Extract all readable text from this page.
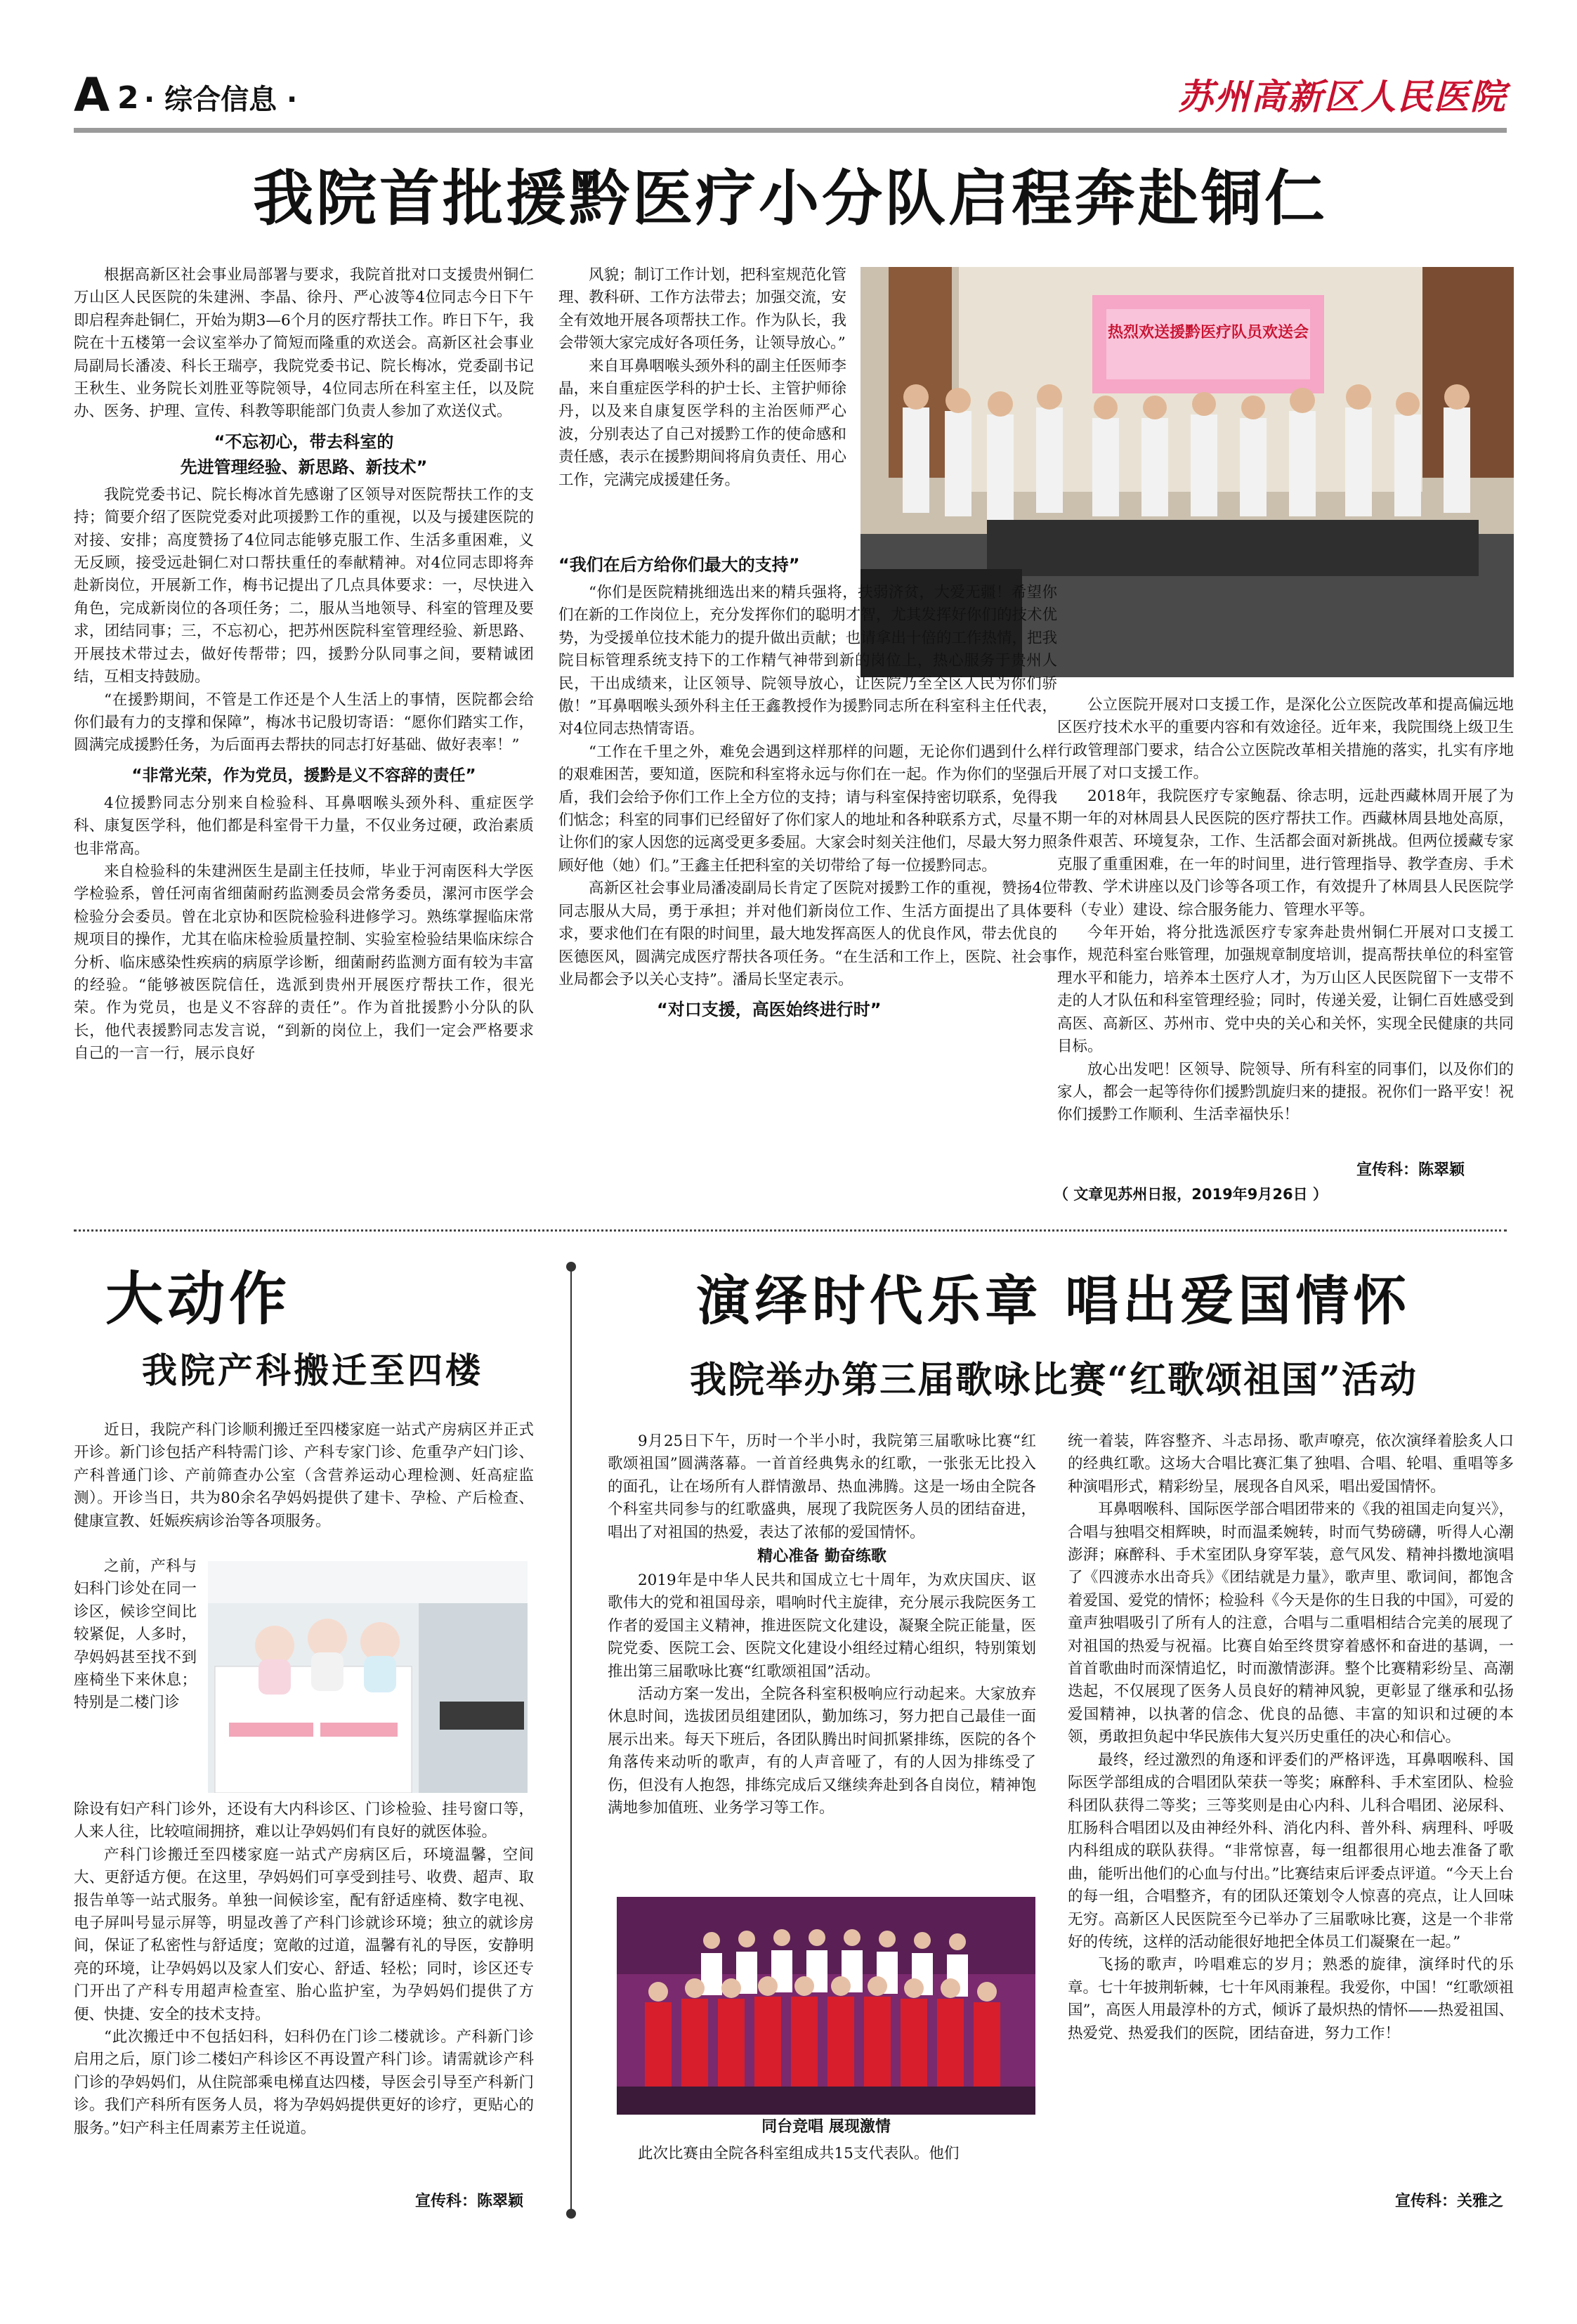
A 2 · 综合信息 ·	苏州高新区人民医院
我院首批援黔医疗小分队启程奔赴铜仁

根据高新区社会事业局部署与要求，我院首批对口支援贵州铜仁万山区人民医院的朱建洲、李晶、徐丹、严心波等4位同志今日下午即启程奔赴铜仁，开始为期3—6个月的医疗帮扶工作。昨日下午，我院在十五楼第一会议室举办了简短而隆重的欢送会。高新区社会事业局副局长潘凌、科长王瑞亭，我院党委书记、院长梅冰，党委副书记王秋生、业务院长刘胜亚等院领导，4位同志所在科室主任，以及院办、医务、护理、宣传、科教等职能部门负责人参加了欢送仪式。

“不忘初心，带去科室的
先进管理经验、新思路、新技术”

我院党委书记、院长梅冰首先感谢了区领导对医院帮扶工作的支持；简要介绍了医院党委对此项援黔工作的重视，以及与援建医院的对接、安排；高度赞扬了4位同志能够克服工作、生活多重困难，义无反顾，接受远赴铜仁对口帮扶重任的奉献精神。对4位同志即将奔赴新岗位，开展新工作，梅书记提出了几点具体要求：一，尽快进入角色，完成新岗位的各项任务；二，服从当地领导、科室的管理及要求，团结同事；三，不忘初心，把苏州医院科室管理经验、新思路、开展技术带过去，做好传帮带；四，援黔分队同事之间，要精诚团结，互相支持鼓励。

“在援黔期间，不管是工作还是个人生活上的事情，医院都会给你们最有力的支撑和保障”，梅冰书记殷切寄语：“愿你们踏实工作，圆满完成援黔任务，为后面再去帮扶的同志打好基础、做好表率！”

“非常光荣，作为党员，援黔是义不容辞的责任”

4位援黔同志分别来自检验科、耳鼻咽喉头颈外科、重症医学科、康复医学科，他们都是科室骨干力量，不仅业务过硬，政治素质也非常高。

来自检验科的朱建洲医生是副主任技师，毕业于河南医科大学医学检验系，曾任河南省细菌耐药监测委员会常务委员，漯河市医学会检验分会委员。曾在北京协和医院检验科进修学习。熟练掌握临床常规项目的操作，尤其在临床检验质量控制、实验室检验结果临床综合分析、临床感染性疾病的病原学诊断，细菌耐药监测方面有较为丰富的经验。“能够被医院信任，选派到贵州开展医疗帮扶工作，很光荣。作为党员，也是义不容辞的责任”。作为首批援黔小分队的队长，他代表援黔同志发言说，“到新的岗位上，我们一定会严格要求自己的一言一行，展示良好

风貌；制订工作计划，把科室规范化管理、教科研、工作方法带去；加强交流，安全有效地开展各项帮扶工作。作为队长，我会带领大家完成好各项任务，让领导放心。”

来自耳鼻咽喉头颈外科的副主任医师李晶，来自重症医学科的护士长、主管护师徐丹，以及来自康复医学科的主治医师严心波，分别表达了自己对援黔工作的使命感和责任感，表示在援黔期间将肩负责任、用心工作，完满完成援建任务。

热烈欢送援黔医疗队员欢送会
“我们在后方给你们最大的支持”

“你们是医院精挑细选出来的精兵强将，扶弱济贫，大爱无疆！希望你们在新的工作岗位上，充分发挥你们的聪明才智，尤其发挥好你们的技术优势，为受援单位技术能力的提升做出贡献；也请拿出十倍的工作热情，把我院目标管理系统支持下的工作精气神带到新的岗位上，热心服务于贵州人民，干出成绩来，让区领导、院领导放心，让医院乃至全区人民为你们骄傲！”耳鼻咽喉头颈外科主任王鑫教授作为援黔同志所在科室科主任代表，对4位同志热情寄语。

“工作在千里之外，难免会遇到这样那样的问题，无论你们遇到什么样的艰难困苦，要知道，医院和科室将永远与你们在一起。作为你们的坚强后盾，我们会给予你们工作上全方位的支持；请与科室保持密切联系，免得我们惦念；科室的同事们已经留好了你们家人的地址和各种联系方式，尽量不让你们的家人因您的远离受更多委屈。大家会时刻关注他们，尽最大努力照顾好他（她）们。”王鑫主任把科室的关切带给了每一位援黔同志。

高新区社会事业局潘凌副局长肯定了医院对援黔工作的重视，赞扬4位同志服从大局，勇于承担；并对他们新岗位工作、生活方面提出了具体要求，要求他们在有限的时间里，最大地发挥高医人的优良作风，带去优良的医德医风，圆满完成医疗帮扶各项任务。“在生活和工作上，医院、社会事业局都会予以关心支持”。潘局长坚定表示。

“对口支援，高医始终进行时”

公立医院开展对口支援工作，是深化公立医院改革和提高偏远地区医疗技术水平的重要内容和有效途径。近年来，我院围绕上级卫生行政管理部门要求，结合公立医院改革相关措施的落实，扎实有序地开展了对口支援工作。

2018年，我院医疗专家鲍磊、徐志明，远赴西藏林周开展了为期一年的对林周县人民医院的医疗帮扶工作。西藏林周县地处高原，条件艰苦、环境复杂，工作、生活都会面对新挑战。但两位援藏专家克服了重重困难，在一年的时间里，进行管理指导、教学查房、手术带教、学术讲座以及门诊等各项工作，有效提升了林周县人民医院学科（专业）建设、综合服务能力、管理水平等。

今年开始，将分批选派医疗专家奔赴贵州铜仁开展对口支援工作，规范科室台账管理，加强规章制度培训，提高帮扶单位的科室管理水平和能力，培养本土医疗人才，为万山区人民医院留下一支带不走的人才队伍和科室管理经验；同时，传递关爱，让铜仁百姓感受到高医、高新区、苏州市、党中央的关心和关怀，实现全民健康的共同目标。

放心出发吧！区领导、院领导、所有科室的同事们，以及你们的家人，都会一起等待你们援黔凯旋归来的捷报。祝你们一路平安！祝你们援黔工作顺利、生活幸福快乐！

宣传科：陈翠颖
（ 文章见苏州日报，2019年9月26日 ）
大动作
我院产科搬迁至四楼

近日，我院产科门诊顺利搬迁至四楼家庭一站式产房病区并正式开诊。新门诊包括产科特需门诊、产科专家门诊、危重孕产妇门诊、产科普通门诊、产前筛查办公室（含营养运动心理检测、妊高症监测）。开诊当日，共为80余名孕妈妈提供了建卡、孕检、产后检查、健康宣教、妊娠疾病诊治等各项服务。

之前，产科与妇科门诊处在同一诊区，候诊空间比较紧促，人多时，孕妈妈甚至找不到座椅坐下来休息；特别是二楼门诊

除设有妇产科门诊外，还设有大内科诊区、门诊检验、挂号窗口等，人来人往，比较喧闹拥挤，难以让孕妈妈们有良好的就医体验。

产科门诊搬迁至四楼家庭一站式产房病区后，环境温馨，空间大、更舒适方便。在这里，孕妈妈们可享受到挂号、收费、超声、取报告单等一站式服务。单独一间候诊室，配有舒适座椅、数字电视、电子屏叫号显示屏等，明显改善了产科门诊就诊环境；独立的就诊房间，保证了私密性与舒适度；宽敞的过道，温馨有礼的导医，安静明亮的环境，让孕妈妈以及家人们安心、舒适、轻松；同时，诊区还专门开出了产科专用超声检查室、胎心监护室，为孕妈妈们提供了方便、快捷、安全的技术支持。

“此次搬迁中不包括妇科，妇科仍在门诊二楼就诊。产科新门诊启用之后，原门诊二楼妇产科诊区不再设置产科门诊。请需就诊产科门诊的孕妈妈们，从住院部乘电梯直达四楼，导医会引导至产科新门诊。我们产科所有医务人员，将为孕妈妈提供更好的诊疗，更贴心的服务。”妇产科主任周素芳主任说道。

宣传科：陈翠颖
演绎时代乐章 唱出爱国情怀
我院举办第三届歌咏比赛“红歌颂祖国”活动

9月25日下午，历时一个半小时，我院第三届歌咏比赛“红歌颂祖国”圆满落幕。一首首经典隽永的红歌，一张张无比投入的面孔，让在场所有人群情激昂、热血沸腾。这是一场由全院各个科室共同参与的红歌盛典，展现了我院医务人员的团结奋进，唱出了对祖国的热爱，表达了浓郁的爱国情怀。

精心准备 勤奋练歌

2019年是中华人民共和国成立七十周年，为欢庆国庆、讴歌伟大的党和祖国母亲，唱响时代主旋律，充分展示我院医务工作者的爱国主义精神，推进医院文化建设，凝聚全院正能量，医院党委、医院工会、医院文化建设小组经过精心组织，特别策划推出第三届歌咏比赛“红歌颂祖国”活动。

活动方案一发出，全院各科室积极响应行动起来。大家放弃休息时间，选拔团员组建团队，勤加练习，努力把自己最佳一面展示出来。每天下班后，各团队腾出时间抓紧排练，医院的各个角落传来动听的歌声，有的人声音哑了，有的人因为排练受了伤，但没有人抱怨，排练完成后又继续奔赴到各自岗位，精神饱满地参加值班、业务学习等工作。

同台竞唱 展现激情

此次比赛由全院各科室组成共15支代表队。他们

统一着装，阵容整齐、斗志昂扬、歌声嘹亮，依次演绎着脍炙人口的经典红歌。这场大合唱比赛汇集了独唱、合唱、轮唱、重唱等多种演唱形式，精彩纷呈，展现各自风采，唱出爱国情怀。

耳鼻咽喉科、国际医学部合唱团带来的《我的祖国走向复兴》，合唱与独唱交相辉映，时而温柔婉转，时而气势磅礴，听得人心潮澎湃；麻醉科、手术室团队身穿军装，意气风发、精神抖擞地演唱了《四渡赤水出奇兵》《团结就是力量》，歌声里、歌词间，都饱含着爱国、爱党的情怀；检验科《今天是你的生日我的中国》，可爱的童声独唱吸引了所有人的注意，合唱与二重唱相结合完美的展现了对祖国的热爱与祝福。比赛自始至终贯穿着感怀和奋进的基调，一首首歌曲时而深情追忆，时而激情澎湃。整个比赛精彩纷呈、高潮迭起，不仅展现了医务人员良好的精神风貌，更彰显了继承和弘扬爱国精神，以执著的信念、优良的品德、丰富的知识和过硬的本领，勇敢担负起中华民族伟大复兴历史重任的决心和信心。

最终，经过激烈的角逐和评委们的严格评选，耳鼻咽喉科、国际医学部组成的合唱团队荣获一等奖；麻醉科、手术室团队、检验科团队获得二等奖；三等奖则是由心内科、儿科合唱团、泌尿科、肛肠科合唱团以及由神经外科、消化内科、普外科、病理科、呼吸内科组成的联队获得。“非常惊喜，每一组都很用心地去准备了歌曲，能听出他们的心血与付出。”比赛结束后评委点评道。“今天上台的每一组，合唱整齐，有的团队还策划令人惊喜的亮点，让人回味无穷。高新区人民医院至今已举办了三届歌咏比赛，这是一个非常好的传统，这样的活动能很好地把全体员工们凝聚在一起。”

飞扬的歌声，吟唱难忘的岁月；熟悉的旋律，演绎时代的乐章。七十年披荆斩棘，七十年风雨兼程。我爱你，中国！“红歌颂祖国”，高医人用最淳朴的方式，倾诉了最炽热的情怀——热爱祖国、热爱党、热爱我们的医院，团结奋进，努力工作！

宣传科：关雅之
